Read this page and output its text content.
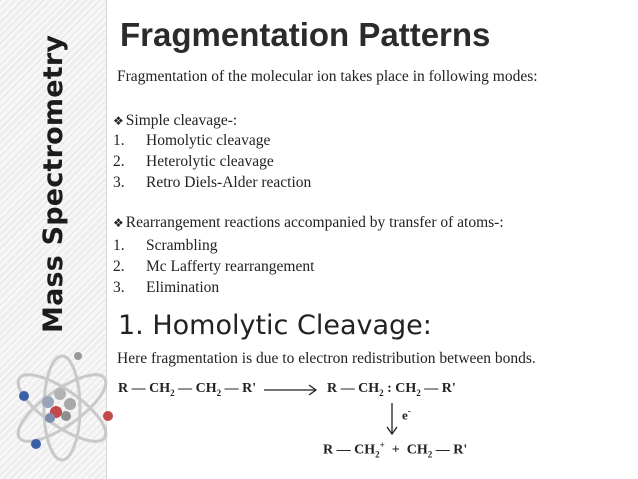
Mass Spectrometry
Fragmentation Patterns
Fragmentation of the molecular ion takes place in following modes:
❖ Simple cleavage-:
1. Homolytic cleavage
2. Heterolytic cleavage
3. Retro Diels-Alder reaction
❖ Rearrangement reactions accompanied by transfer of atoms-:
1. Scrambling
2. Mc Lafferty rearrangement
3. Elimination
1. Homolytic Cleavage:
Here fragmentation is due to electron redistribution between bonds.
R — $CH_2$ — $CH_2$ — R' → R — $CH_2$ : $CH_2$ — R'
e-
R — $CH_2^+ + CH_2$ — R'
